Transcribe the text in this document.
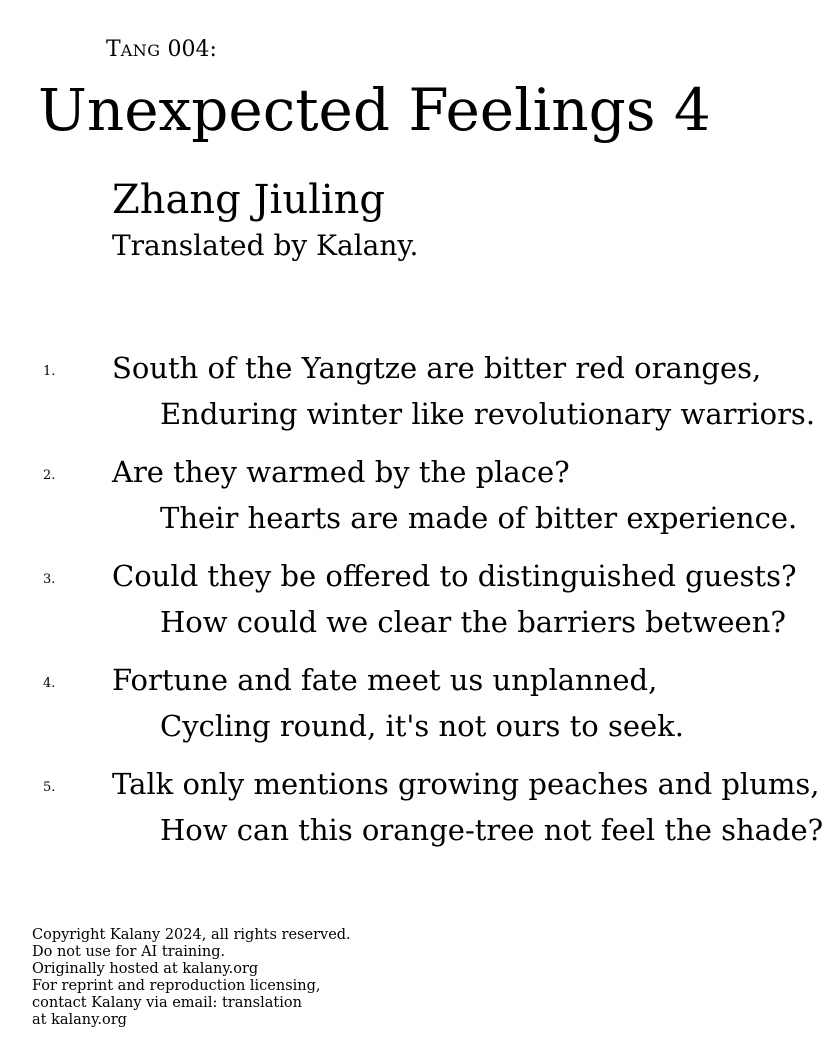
TANG 004:
Unexpected Feelings 4
Zhang Jiuling
Translated by Kalany.
1. South of the Yangtze are bitter red oranges,
Enduring winter like revolutionary warriors.
2. Are they warmed by the place?
Their hearts are made of bitter experience.
3. Could they be offered to distinguished guests?
How could we clear the barriers between?
4. Fortune and fate meet us unplanned,
Cycling round, it's not ours to seek.
5. Talk only mentions growing peaches and plums,
How can this orange-tree not feel the shade?
Copyright Kalany 2024, all rights reserved.
Do not use for AI training.
Originally hosted at kalany.org
For reprint and reproduction licensing,
contact Kalany via email: translation
at kalany.org
